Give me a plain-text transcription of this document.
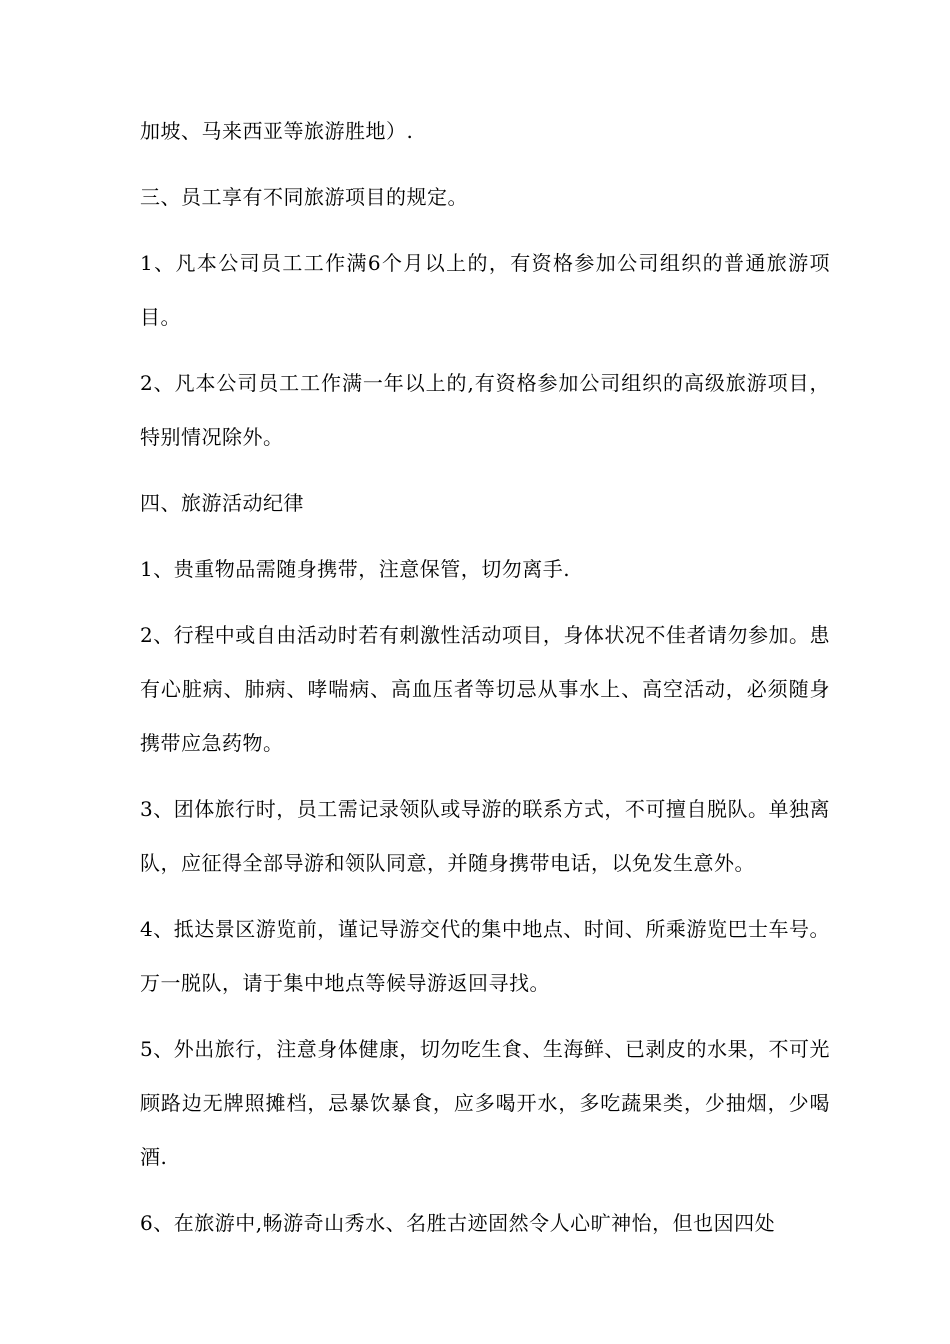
加坡、马来西亚等旅游胜地）.

三、员工享有不同旅游项目的规定。

1、凡本公司员工工作满6个月以上的，有资格参加公司组织的普通旅游项目。

2、凡本公司员工工作满一年以上的,有资格参加公司组织的高级旅游项目，特别情况除外。

四、旅游活动纪律

1、贵重物品需随身携带，注意保管，切勿离手.

2、行程中或自由活动时若有刺激性活动项目，身体状况不佳者请勿参加。患有心脏病、肺病、哮喘病、高血压者等切忌从事水上、高空活动，必须随身携带应急药物。

3、团体旅行时，员工需记录领队或导游的联系方式，不可擅自脱队。单独离队，应征得全部导游和领队同意，并随身携带电话，以免发生意外。

4、抵达景区游览前，谨记导游交代的集中地点、时间、所乘游览巴士车号。万一脱队，请于集中地点等候导游返回寻找。

5、外出旅行，注意身体健康，切勿吃生食、生海鲜、已剥皮的水果，不可光顾路边无牌照摊档，忌暴饮暴食，应多喝开水，多吃蔬果类，少抽烟，少喝酒.

6、在旅游中,畅游奇山秀水、名胜古迹固然令人心旷神怡，但也因四处
